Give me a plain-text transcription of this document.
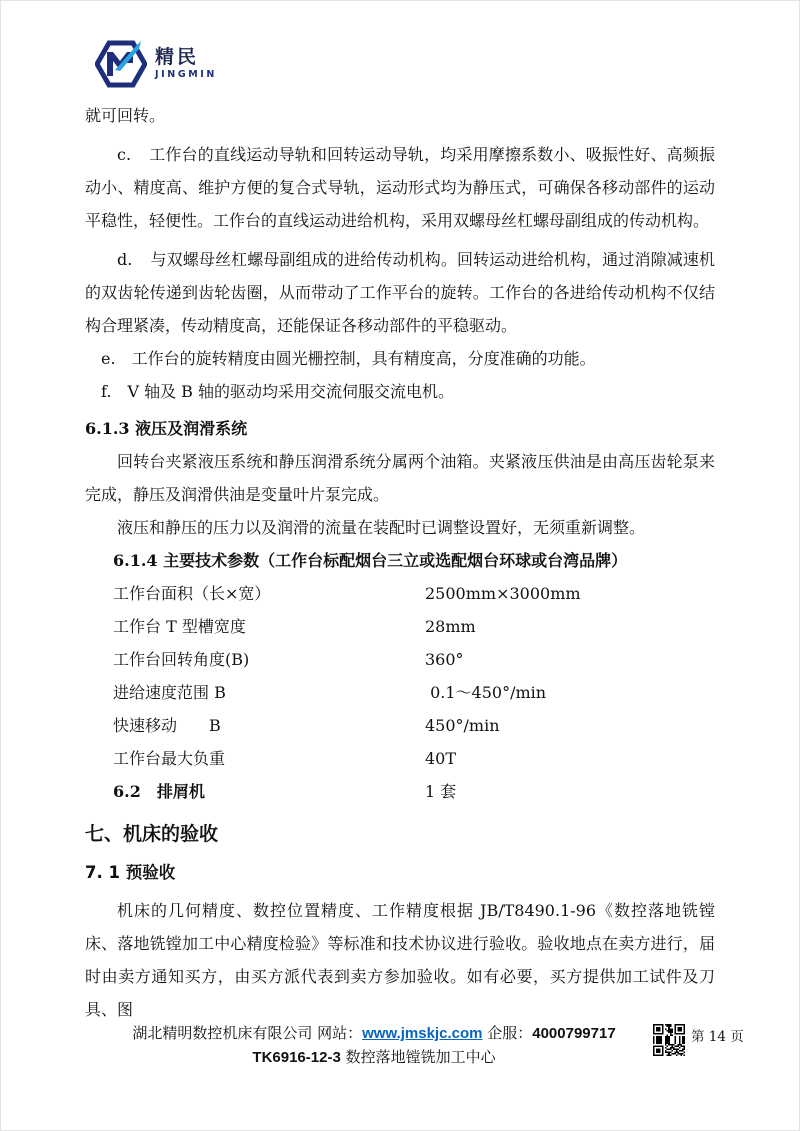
精民
JINGMIN

就可回转。

c. 工作台的直线运动导轨和回转运动导轨，均采用摩擦系数小、吸振性好、高频振动小、精度高、维护方便的复合式导轨，运动形式均为静压式，可确保各移动部件的运动平稳性，轻便性。工作台的直线运动进给机构，采用双螺母丝杠螺母副组成的传动机构。

d. 与双螺母丝杠螺母副组成的进给传动机构。回转运动进给机构，通过消隙减速机的双齿轮传递到齿轮齿圈，从而带动了工作平台的旋转。工作台的各进给传动机构不仅结构合理紧凑，传动精度高，还能保证各移动部件的平稳驱动。

e. 工作台的旋转精度由圆光栅控制，具有精度高，分度准确的功能。

f. V 轴及 B 轴的驱动均采用交流伺服交流电机。

6.1.3 液压及润滑系统

回转台夹紧液压系统和静压润滑系统分属两个油箱。夹紧液压供油是由高压齿轮泵来完成，静压及润滑供油是变量叶片泵完成。

液压和静压的压力以及润滑的流量在装配时已调整设置好，无须重新调整。

6.1.4 主要技术参数（工作台标配烟台三立或选配烟台环球或台湾品牌）
工作台面积（长×宽）	2500mm×3000mm
工作台 T 型槽宽度	28mm
工作台回转角度(B)	360°
进给速度范围 B	0.1～450°/min
快速移动　　B	450°/min
工作台最大负重	40T
6.2　排屑机	1 套
七、机床的验收
7. 1 预验收

机床的几何精度、数控位置精度、工作精度根据 JB/T8490.1-96《数控落地铣镗床、落地铣镗加工中心精度检验》等标准和技术协议进行验收。验收地点在卖方进行，届时由卖方通知买方，由买方派代表到卖方参加验收。如有必要，买方提供加工试件及刀具、图

湖北精明数控机床有限公司 网站：www.jmskjc.com 企服：4000799717
TK6916-12-3 数控落地镗铣加工中心
第 14 页
